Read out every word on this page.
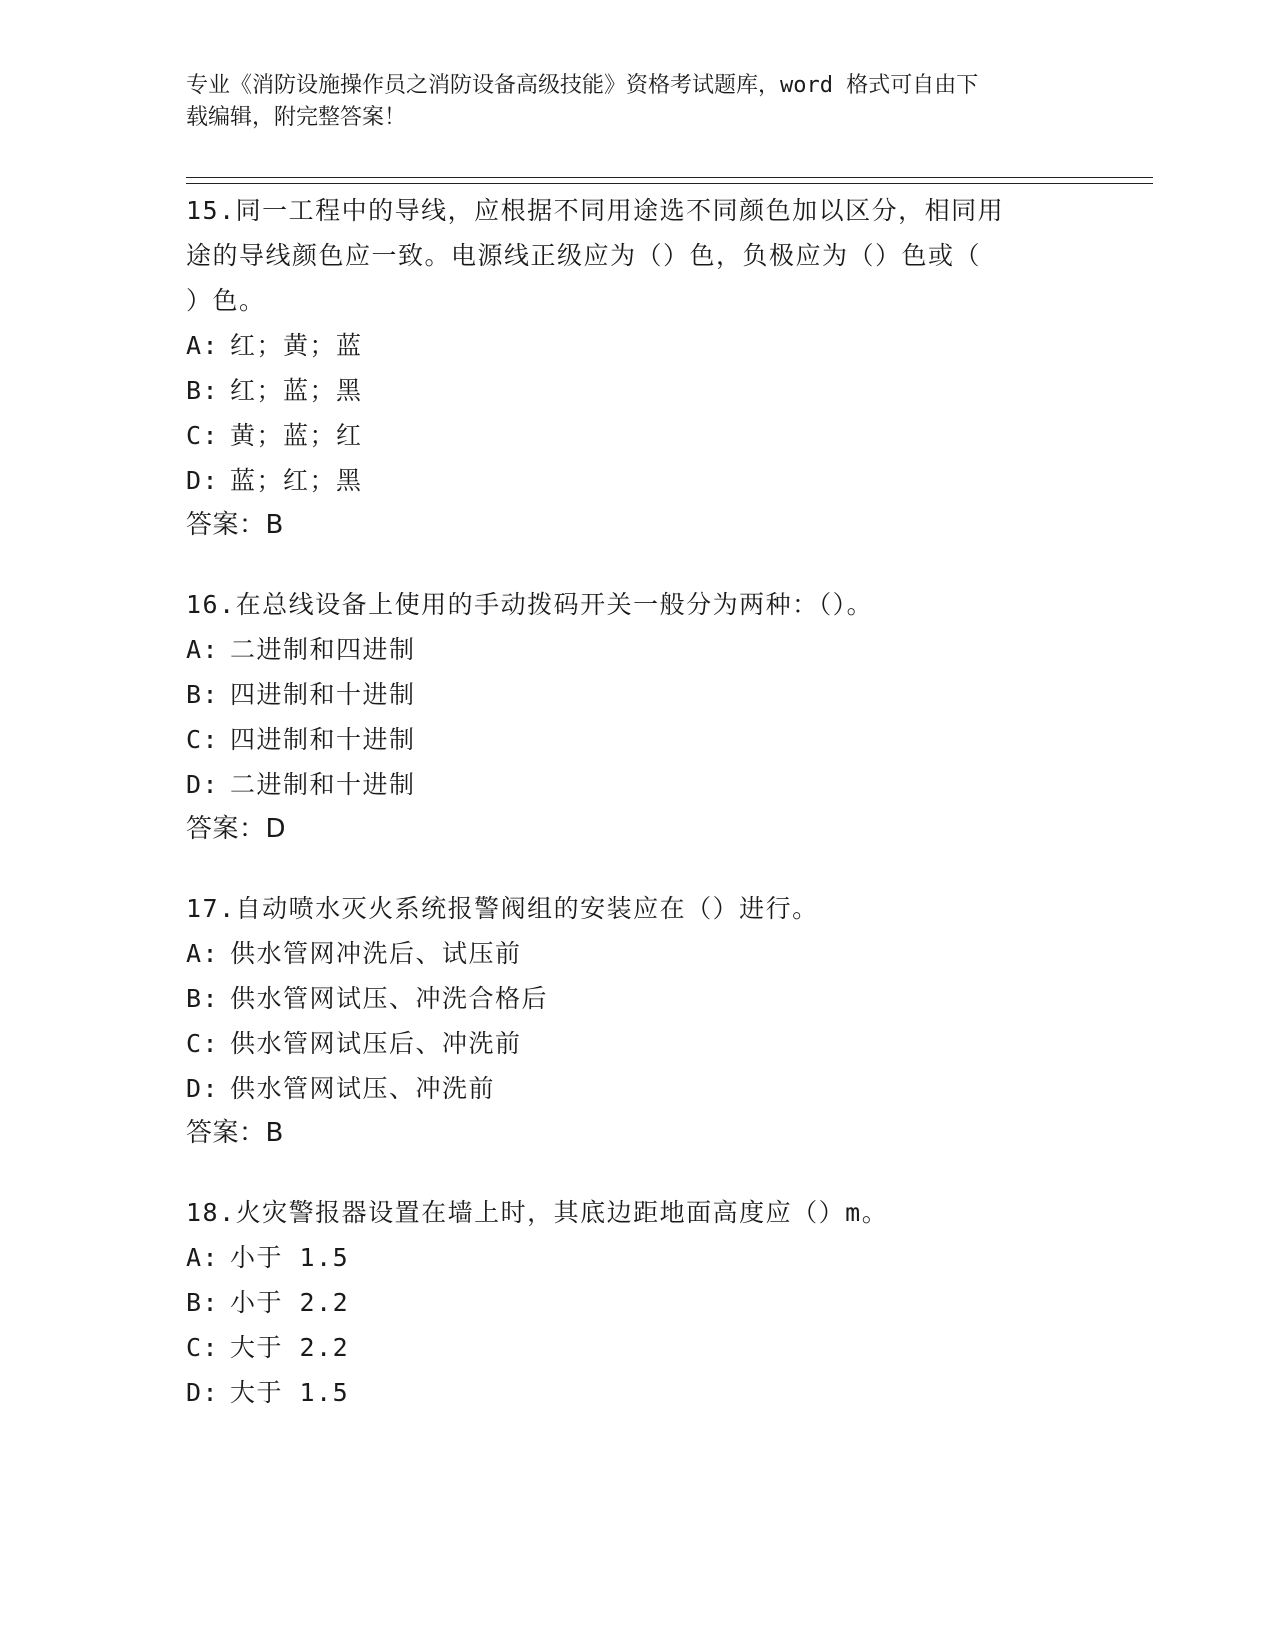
专业《消防设施操作员之消防设备高级技能》资格考试题库，word 格式可自由下
载编辑，附完整答案！
15.同一工程中的导线，应根据不同用途选不同颜色加以区分，相同用
途的导线颜色应一致。电源线正级应为（）色，负极应为（）色或（
）色。
A: 红；黄；蓝
B: 红；蓝；黑
C: 黄；蓝；红
D: 蓝；红；黑
答案：B
16.在总线设备上使用的手动拨码开关一般分为两种：（）。
A: 二进制和四进制
B: 四进制和十进制
C: 四进制和十进制
D: 二进制和十进制
答案：D
17.自动喷水灭火系统报警阀组的安装应在（）进行。
A: 供水管网冲洗后、试压前
B: 供水管网试压、冲洗合格后
C: 供水管网试压后、冲洗前
D: 供水管网试压、冲洗前
答案：B
18.火灾警报器设置在墙上时，其底边距地面高度应（）m。
A: 小于 1.5
B: 小于 2.2
C: 大于 2.2
D: 大于 1.5
